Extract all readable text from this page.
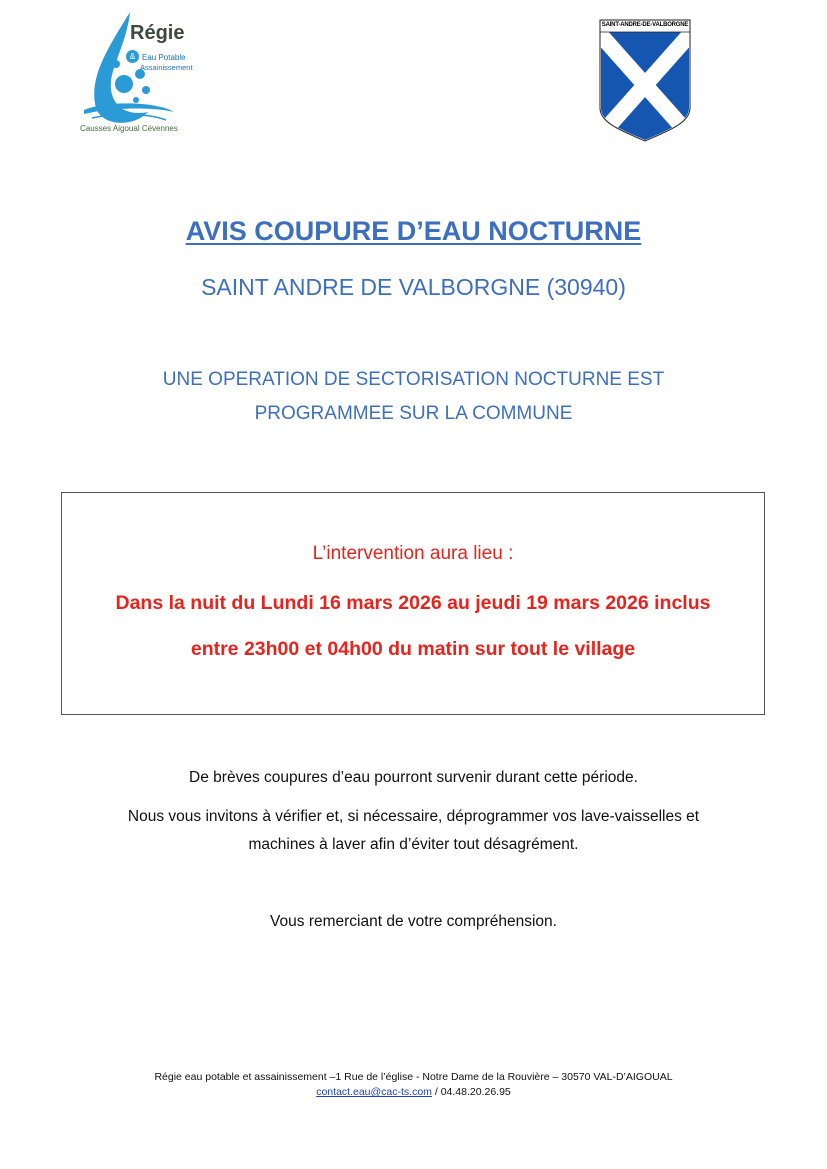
Régie
& Eau Potable
Assainissement
Causses Aigoual Cévennes
SAINT-ANDRE-DE-VALBORGNE
AVIS COUPURE D’EAU NOCTURNE
SAINT ANDRE DE VALBORGNE (30940)
UNE OPERATION DE SECTORISATION NOCTURNE EST
PROGRAMMEE SUR LA COMMUNE
L’intervention aura lieu :
Dans la nuit du Lundi 16 mars 2026 au jeudi 19 mars 2026 inclus
entre 23h00 et 04h00 du matin sur tout le village
De brèves coupures d’eau pourront survenir durant cette période.
Nous vous invitons à vérifier et, si nécessaire, déprogrammer vos lave-vaisselles et
machines à laver afin d’éviter tout désagrément.
Vous remerciant de votre compréhension.
Régie eau potable et assainissement –1 Rue de l’église - Notre Dame de la Rouvière – 30570 VAL-D’AIGOUAL
contact.eau@cac-ts.com / 04.48.20.26.95
